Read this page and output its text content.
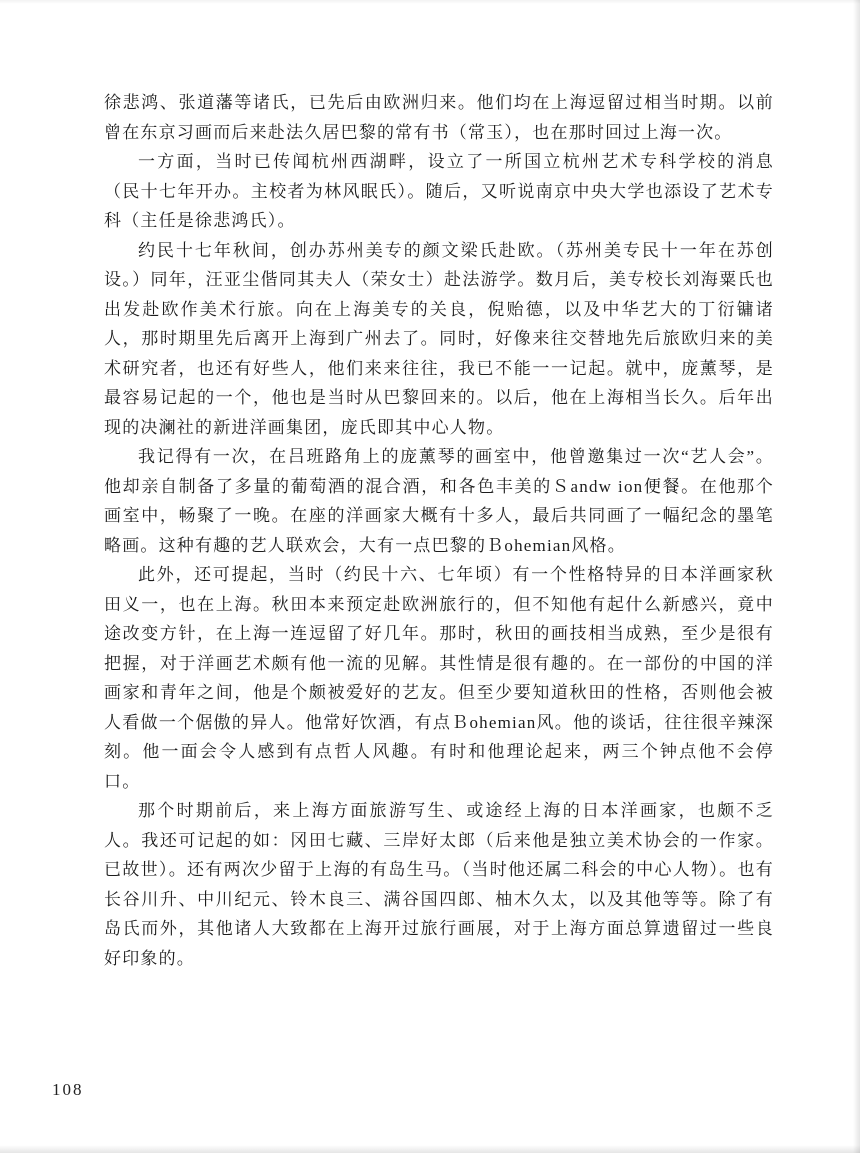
徐悲鸿、张道藩等诸氏，已先后由欧洲归来。他们均在上海逗留过相当时期。以前曾在东京习画而后来赴法久居巴黎的常有书（常玉），也在那时回过上海一次。

一方面，当时已传闻杭州西湖畔，设立了一所国立杭州艺术专科学校的消息（民十七年开办。主校者为林风眠氏）。随后，又听说南京中央大学也添设了艺术专科（主任是徐悲鸿氏）。

约民十七年秋间，创办苏州美专的颜文梁氏赴欧。（苏州美专民十一年在苏创设。）同年，汪亚尘偕同其夫人（荣女士）赴法游学。数月后，美专校长刘海粟氏也出发赴欧作美术行旅。向在上海美专的关良，倪贻德，以及中华艺大的丁衍镛诸人，那时期里先后离开上海到广州去了。同时，好像来往交替地先后旅欧归来的美术研究者，也还有好些人，他们来来往往，我已不能一一记起。就中，庞薰琴，是最容易记起的一个，他也是当时从巴黎回来的。以后，他在上海相当长久。后年出现的决澜社的新进洋画集团，庞氏即其中心人物。

我记得有一次，在吕班路角上的庞薰琴的画室中，他曾邀集过一次“艺人会”。他却亲自制备了多量的葡萄酒的混合酒，和各色丰美的Ｓandw ion便餐。在他那个画室中，畅聚了一晚。在座的洋画家大概有十多人，最后共同画了一幅纪念的墨笔略画。这种有趣的艺人联欢会，大有一点巴黎的Ｂohemian风格。

此外，还可提起，当时（约民十六、七年顷）有一个性格特异的日本洋画家秋田义一，也在上海。秋田本来预定赴欧洲旅行的，但不知他有起什么新感兴，竟中途改变方针，在上海一连逗留了好几年。那时，秋田的画技相当成熟，至少是很有把握，对于洋画艺术颇有他一流的见解。其性情是很有趣的。在一部份的中国的洋画家和青年之间，他是个颇被爱好的艺友。但至少要知道秋田的性格，否则他会被人看做一个倨傲的异人。他常好饮酒，有点Ｂohemian风。他的谈话，往往很辛辣深刻。他一面会令人感到有点哲人风趣。有时和他理论起来，两三个钟点他不会停口。

那个时期前后，来上海方面旅游写生、或途经上海的日本洋画家，也颇不乏人。我还可记起的如：冈田七藏、三岸好太郎（后来他是独立美术协会的一作家。已故世）。还有两次少留于上海的有岛生马。（当时他还属二科会的中心人物）。也有长谷川升、中川纪元、铃木良三、满谷国四郎、柚木久太，以及其他等等。除了有岛氏而外，其他诸人大致都在上海开过旅行画展，对于上海方面总算遗留过一些良好印象的。

108
